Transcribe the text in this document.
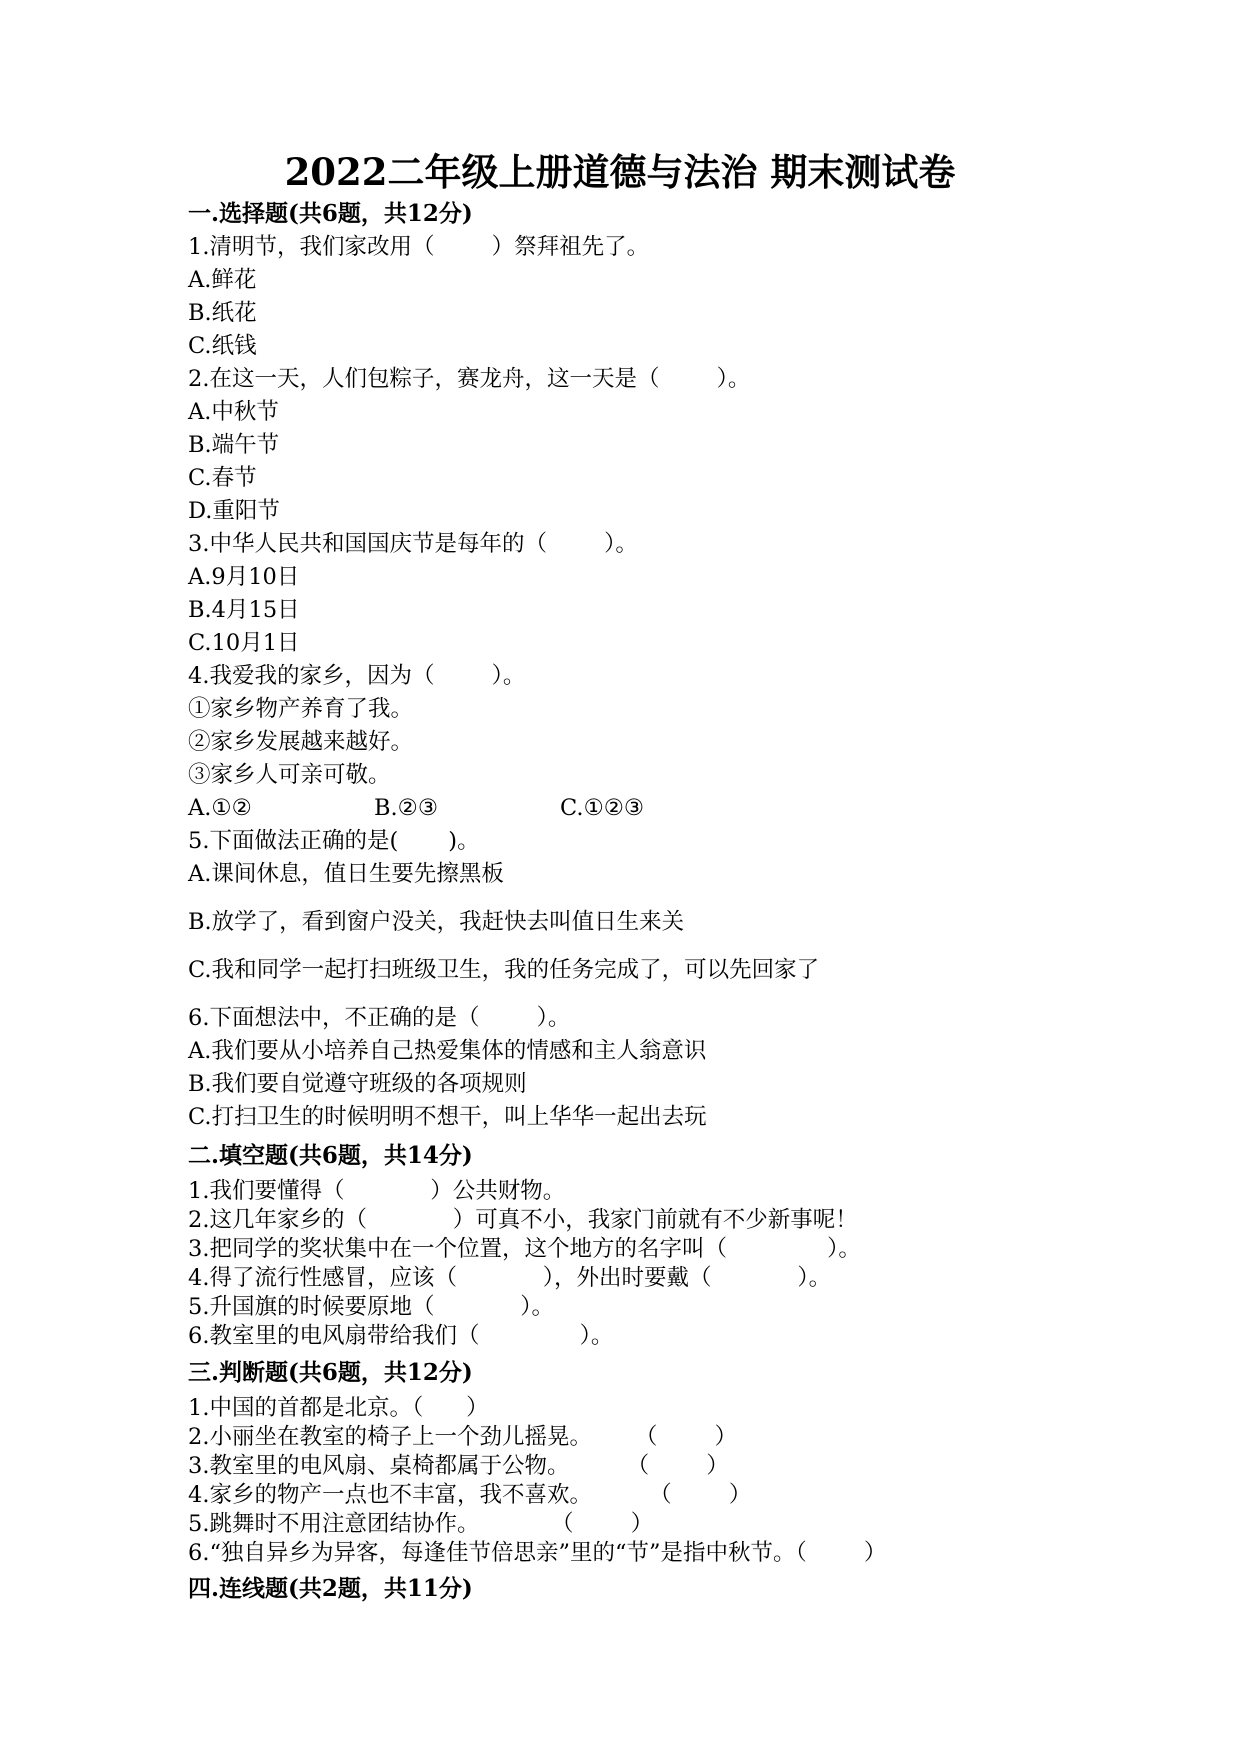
2022二年级上册道德与法治 期末测试卷
一.选择题(共6题，共12分)
1.清明节，我们家改用（        ）祭拜祖先了。
A.鲜花
B.纸花
C.纸钱
2.在这一天，人们包粽子，赛龙舟，这一天是（        ）。
A.中秋节
B.端午节
C.春节
D.重阳节
3.中华人民共和国国庆节是每年的（        ）。
A.9月10日
B.4月15日
C.10月1日
4.我爱我的家乡，因为（        ）。
①家乡物产养育了我。
②家乡发展越来越好。
③家乡人可亲可敬。

A.①②

	B.②③

	C.①②③

5.下面做法正确的是(       )。
A.课间休息，值日生要先擦黑板
B.放学了，看到窗户没关，我赶快去叫值日生来关
C.我和同学一起打扫班级卫生，我的任务完成了，可以先回家了
6.下面想法中，不正确的是（        ）。
A.我们要从小培养自己热爱集体的情感和主人翁意识
B.我们要自觉遵守班级的各项规则
C.打扫卫生的时候明明不想干，叫上华华一起出去玩
二.填空题(共6题，共14分)
1.我们要懂得（            ）公共财物。
2.这几年家乡的（            ）可真不小，我家门前就有不少新事呢！
3.把同学的奖状集中在一个位置，这个地方的名字叫（              ）。
4.得了流行性感冒，应该（            ），外出时要戴（            ）。
5.升国旗的时候要原地（            ）。
6.教室里的电风扇带给我们（              ）。
三.判断题(共6题，共12分)
1.中国的首都是北京。（      ）
2.小丽坐在教室的椅子上一个劲儿摇晃。      （        ）
3.教室里的电风扇、桌椅都属于公物。        （        ）
4.家乡的物产一点也不丰富，我不喜欢。        （        ）
5.跳舞时不用注意团结协作。          （        ）
6.“独自异乡为异客，每逢佳节倍思亲”里的“节”是指中秋节。（        ）
四.连线题(共2题，共11分)
